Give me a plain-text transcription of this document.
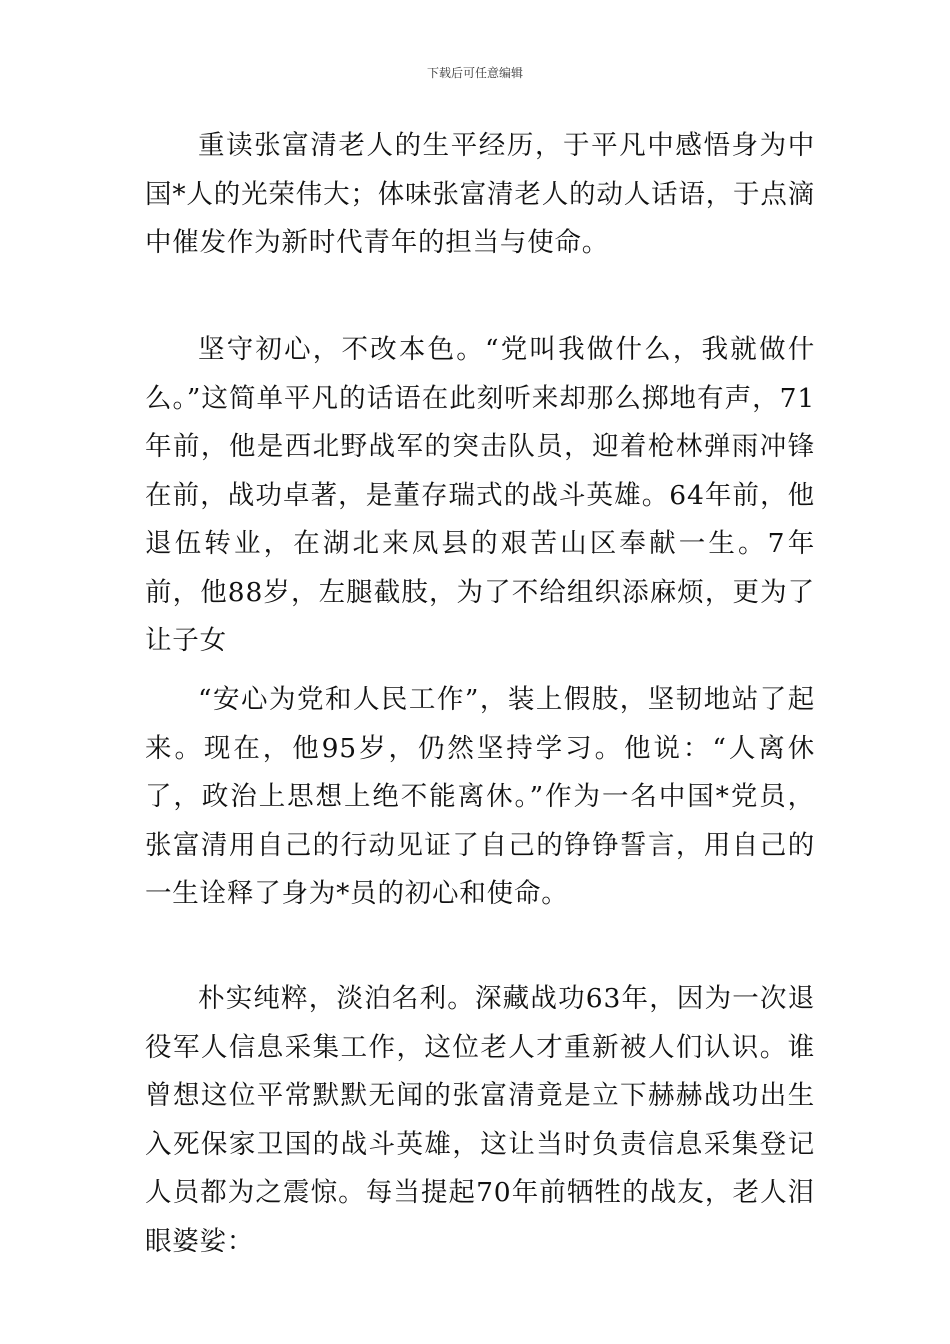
下载后可任意编辑

重读张富清老人的生平经历，于平凡中感悟身为中国*人的光荣伟大；体味张富清老人的动人话语，于点滴中催发作为新时代青年的担当与使命。

坚守初心，不改本色。“党叫我做什么，我就做什么。”这简单平凡的话语在此刻听来却那么掷地有声，71年前，他是西北野战军的突击队员，迎着枪林弹雨冲锋在前，战功卓著，是董存瑞式的战斗英雄。64年前，他退伍转业，在湖北来凤县的艰苦山区奉献一生。7年前，他88岁，左腿截肢，为了不给组织添麻烦，更为了让子女

“安心为党和人民工作”，装上假肢，坚韧地站了起来。现在，他95岁，仍然坚持学习。他说：“人离休了，政治上思想上绝不能离休。”作为一名中国*党员，张富清用自己的行动见证了自己的铮铮誓言，用自己的一生诠释了身为*员的初心和使命。

朴实纯粹，淡泊名利。深藏战功63年，因为一次退役军人信息采集工作，这位老人才重新被人们认识。谁曾想这位平常默默无闻的张富清竟是立下赫赫战功出生入死保家卫国的战斗英雄，这让当时负责信息采集登记人员都为之震惊。每当提起70年前牺牲的战友，老人泪眼婆娑：
